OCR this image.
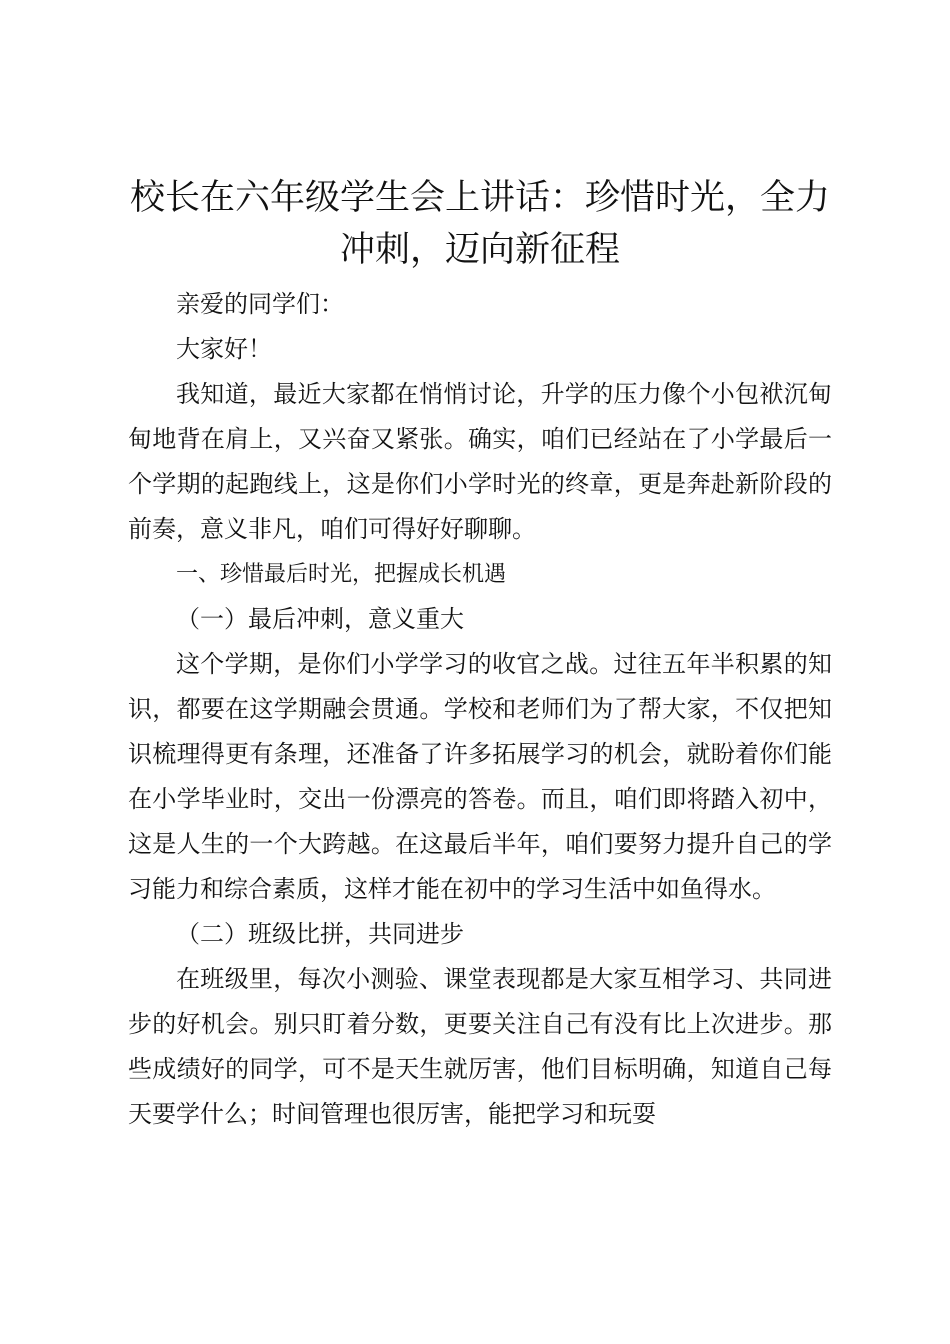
校长在六年级学生会上讲话：珍惜时光，全力冲刺，迈向新征程

亲爱的同学们：

大家好！

我知道，最近大家都在悄悄讨论，升学的压力像个小包袱沉甸甸地背在肩上，又兴奋又紧张。确实，咱们已经站在了小学最后一个学期的起跑线上，这是你们小学时光的终章，更是奔赴新阶段的前奏，意义非凡，咱们可得好好聊聊。

一、珍惜最后时光，把握成长机遇

（一）最后冲刺，意义重大

这个学期，是你们小学学习的收官之战。过往五年半积累的知识，都要在这学期融会贯通。学校和老师们为了帮大家，不仅把知识梳理得更有条理，还准备了许多拓展学习的机会，就盼着你们能在小学毕业时，交出一份漂亮的答卷。而且，咱们即将踏入初中，这是人生的一个大跨越。在这最后半年，咱们要努力提升自己的学习能力和综合素质，这样才能在初中的学习生活中如鱼得水。

（二）班级比拼，共同进步

在班级里，每次小测验、课堂表现都是大家互相学习、共同进步的好机会。别只盯着分数，更要关注自己有没有比上次进步。那些成绩好的同学，可不是天生就厉害，他们目标明确，知道自己每天要学什么；时间管理也很厉害，能把学习和玩耍
